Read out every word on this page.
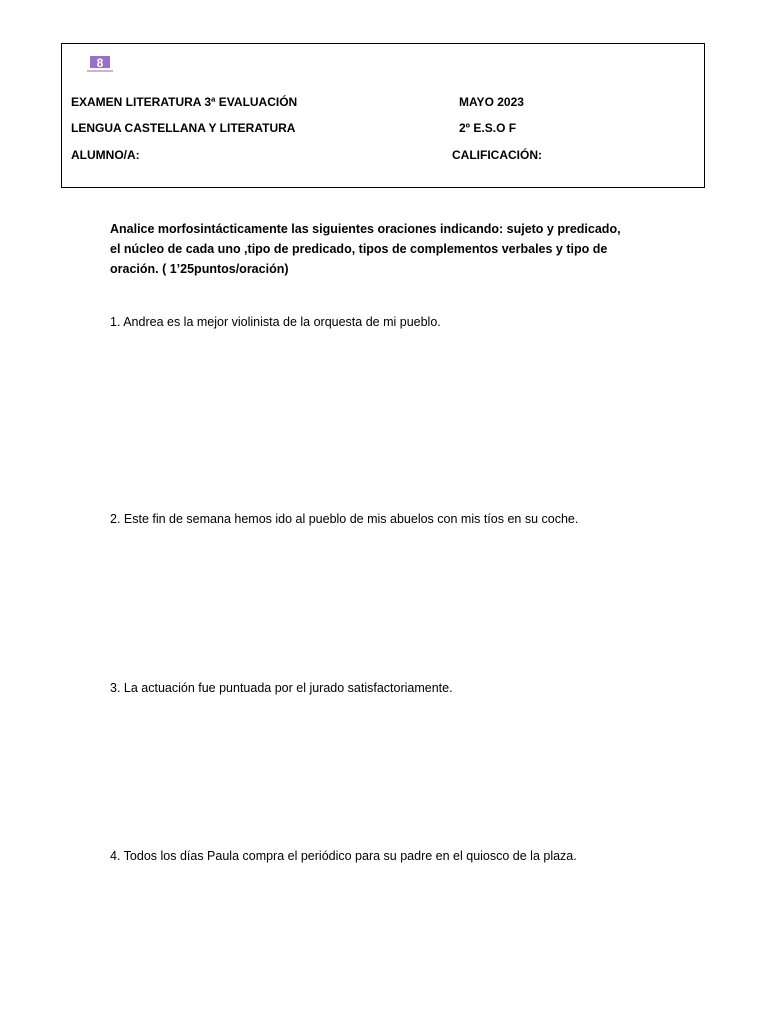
8
EXAMEN LITERATURA 3ª EVALUACIÓN	MAYO 2023
LENGUA CASTELLANA Y LITERATURA	2º E.S.O F
ALUMNO/A:	CALIFICACIÓN:
Analice morfosintácticamente las siguientes oraciones indicando: sujeto y predicado,
el núcleo de cada uno ,tipo de predicado, tipos de complementos verbales y tipo de
oración. ( 1’25puntos/oración)

1. Andrea es la mejor violinista de la orquesta de mi pueblo.

2. Este fin de semana hemos ido al pueblo de mis abuelos con mis tíos en su coche.

3. La actuación fue puntuada por el jurado satisfactoriamente.

4. Todos los días Paula compra el periódico para su padre en el quiosco de la plaza.
